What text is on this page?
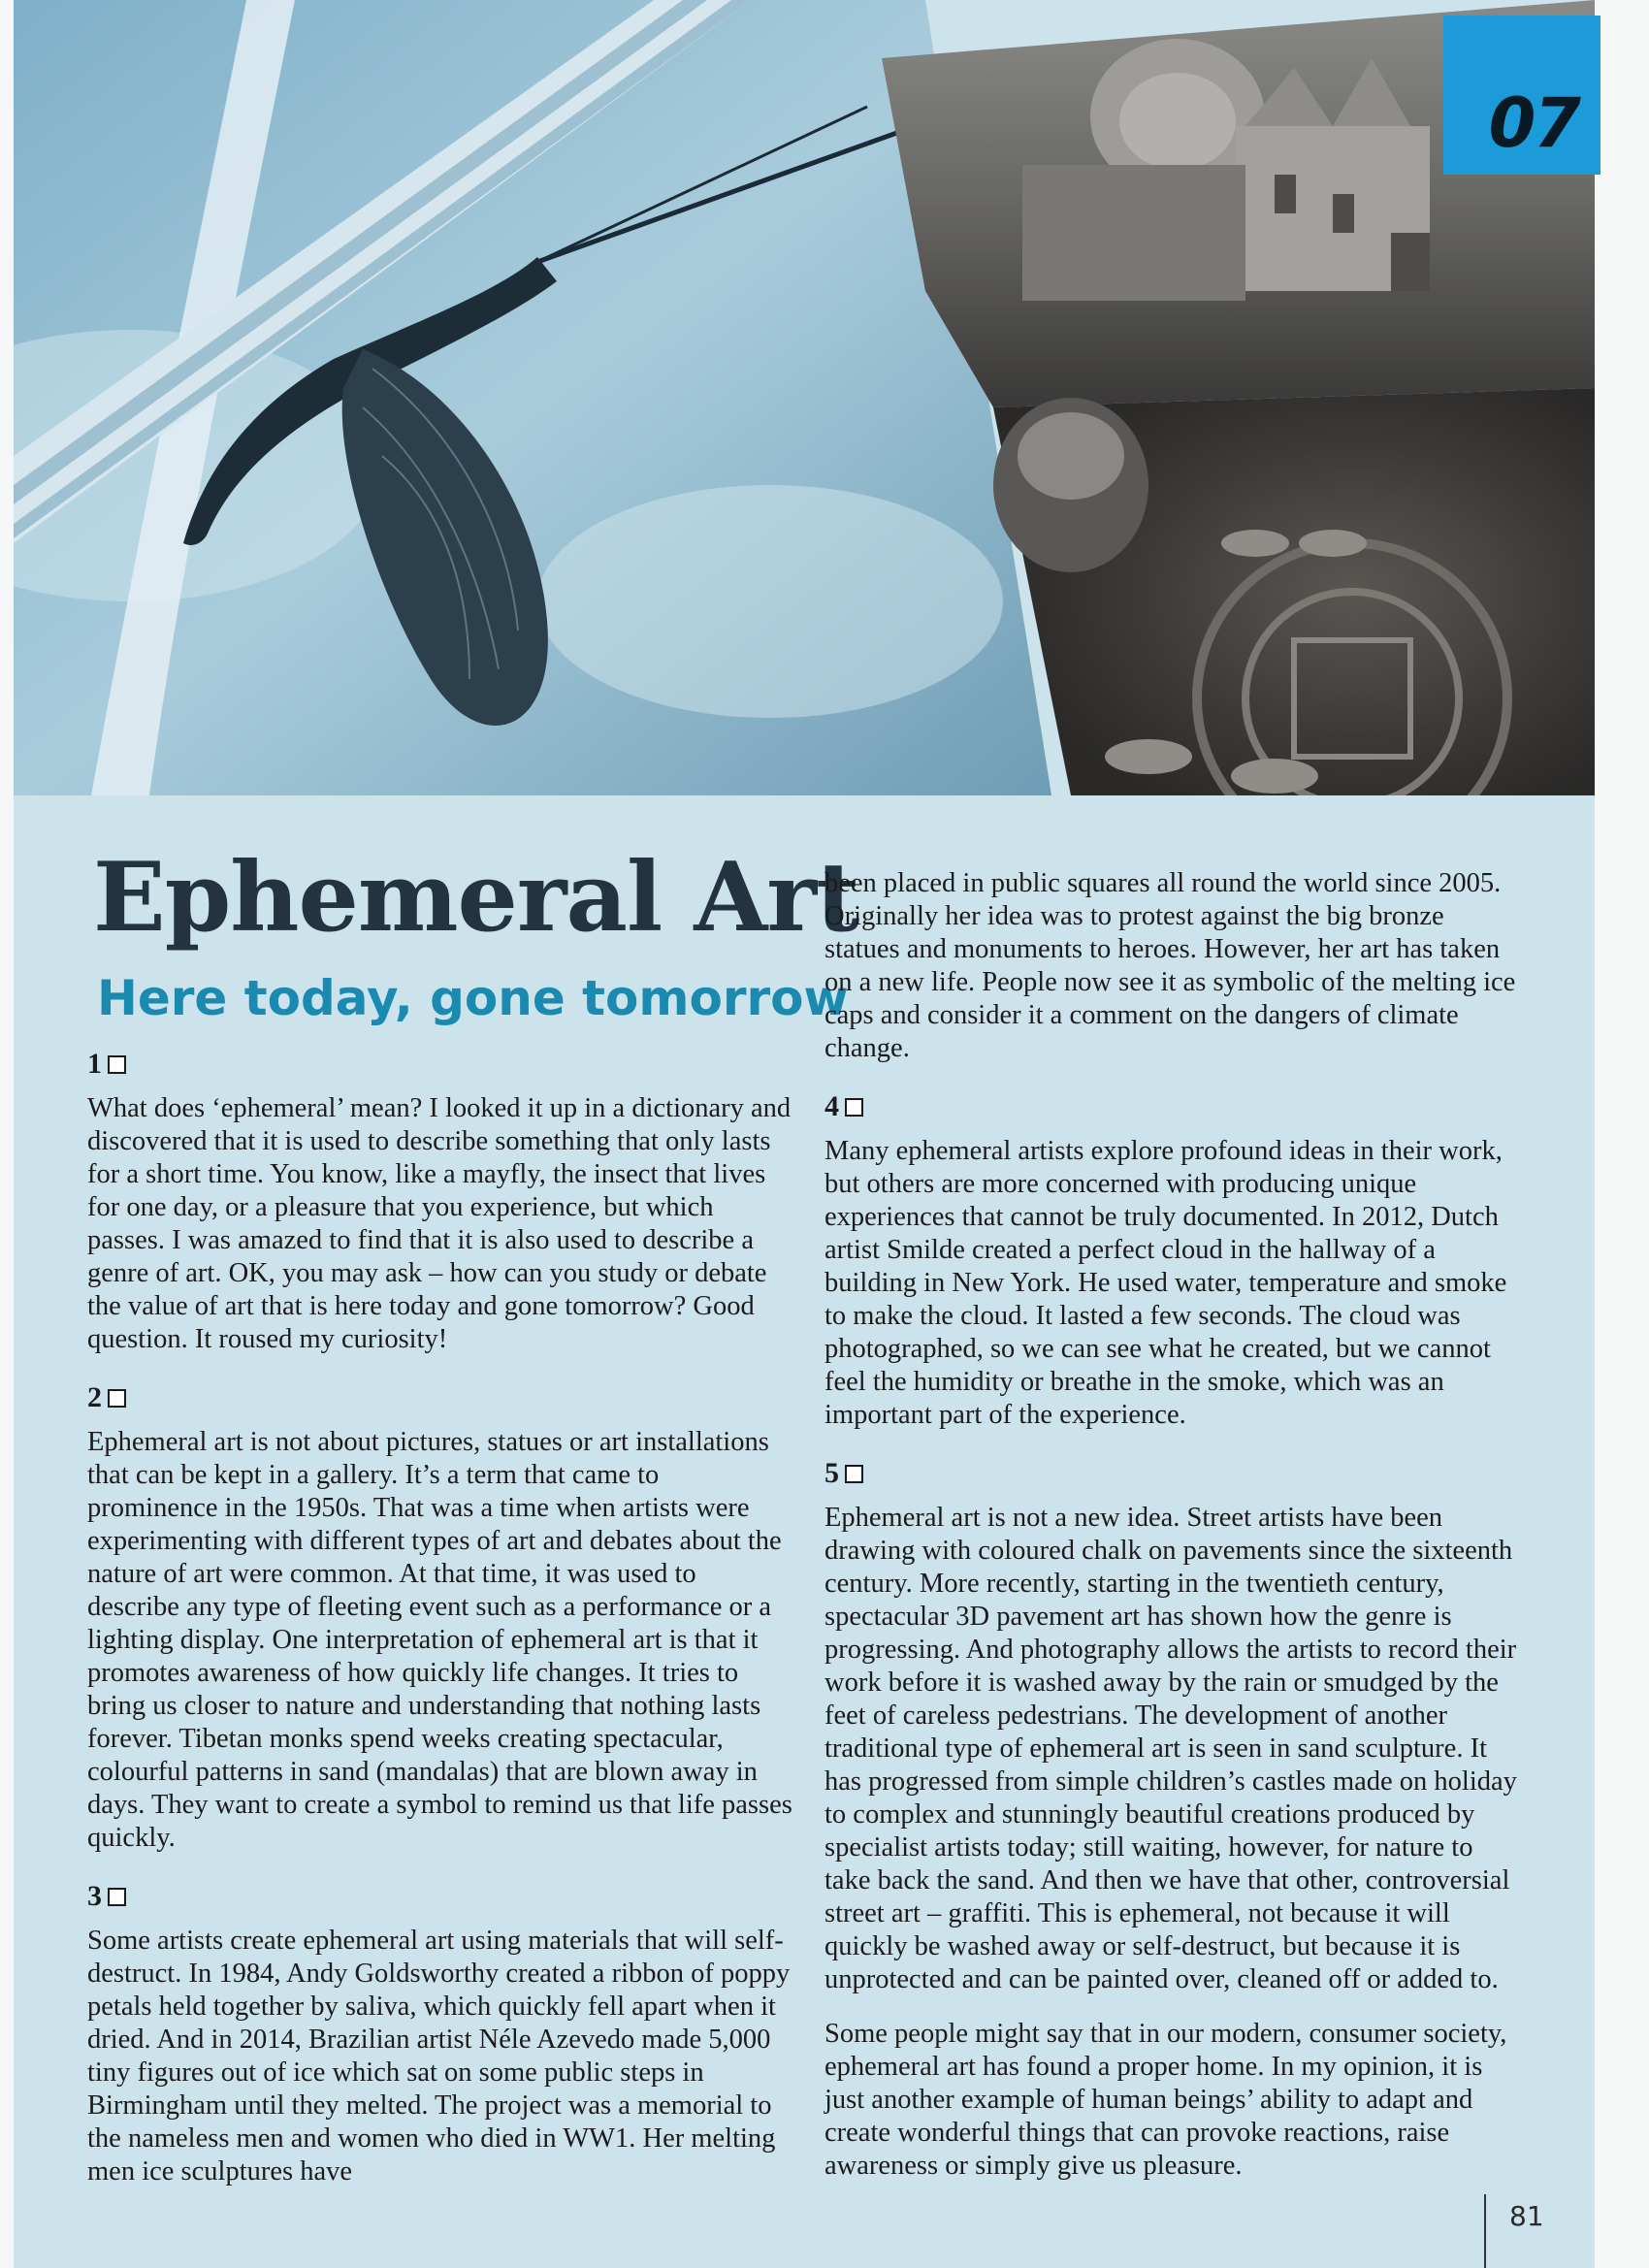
07
Ephemeral Art
Here today, gone tomorrow
1

What does ‘ephemeral’ mean? I looked it up in a dictionary and discovered that it is used to describe something that only lasts for a short time. You know, like a mayfly, the insect that lives for one day, or a pleasure that you experience, but which passes. I was amazed to find that it is also used to describe a genre of art. OK, you may ask – how can you study or debate the value of art that is here today and gone tomorrow? Good question. It roused my curiosity!

2

Ephemeral art is not about pictures, statues or art installations that can be kept in a gallery. It’s a term that came to prominence in the 1950s. That was a time when artists were experimenting with different types of art and debates about the nature of art were common. At that time, it was used to describe any type of fleeting event such as a performance or a lighting display. One interpretation of ephemeral art is that it promotes awareness of how quickly life changes. It tries to bring us closer to nature and understanding that nothing lasts forever. Tibetan monks spend weeks creating spectacular, colourful patterns in sand (mandalas) that are blown away in days. They want to create a symbol to remind us that life passes quickly.

3

Some artists create ephemeral art using materials that will self-destruct. In 1984, Andy Goldsworthy created a ribbon of poppy petals held together by saliva, which quickly fell apart when it dried. And in 2014, Brazilian artist Néle Azevedo made 5,000 tiny figures out of ice which sat on some public steps in Birmingham until they melted. The project was a memorial to the nameless men and women who died in WW1. Her melting men ice sculptures have

been placed in public squares all round the world since 2005. Originally her idea was to protest against the big bronze statues and monuments to heroes. However, her art has taken on a new life. People now see it as symbolic of the melting ice caps and consider it a comment on the dangers of climate change.

4

Many ephemeral artists explore profound ideas in their work, but others are more concerned with producing unique experiences that cannot be truly documented. In 2012, Dutch artist Smilde created a perfect cloud in the hallway of a building in New York. He used water, temperature and smoke to make the cloud. It lasted a few seconds. The cloud was photographed, so we can see what he created, but we cannot feel the humidity or breathe in the smoke, which was an important part of the experience.

5

Ephemeral art is not a new idea. Street artists have been drawing with coloured chalk on pavements since the sixteenth century. More recently, starting in the twentieth century, spectacular 3D pavement art has shown how the genre is progressing. And photography allows the artists to record their work before it is washed away by the rain or smudged by the feet of careless pedestrians. The development of another traditional type of ephemeral art is seen in sand sculpture. It has progressed from simple children’s castles made on holiday to complex and stunningly beautiful creations produced by specialist artists today; still waiting, however, for nature to take back the sand. And then we have that other, controversial street art – graffiti. This is ephemeral, not because it will quickly be washed away or self-destruct, but because it is unprotected and can be painted over, cleaned off or added to.

Some people might say that in our modern, consumer society, ephemeral art has found a proper home. In my opinion, it is just another example of human beings’ ability to adapt and create wonderful things that can provoke reactions, raise awareness or simply give us pleasure.

81
